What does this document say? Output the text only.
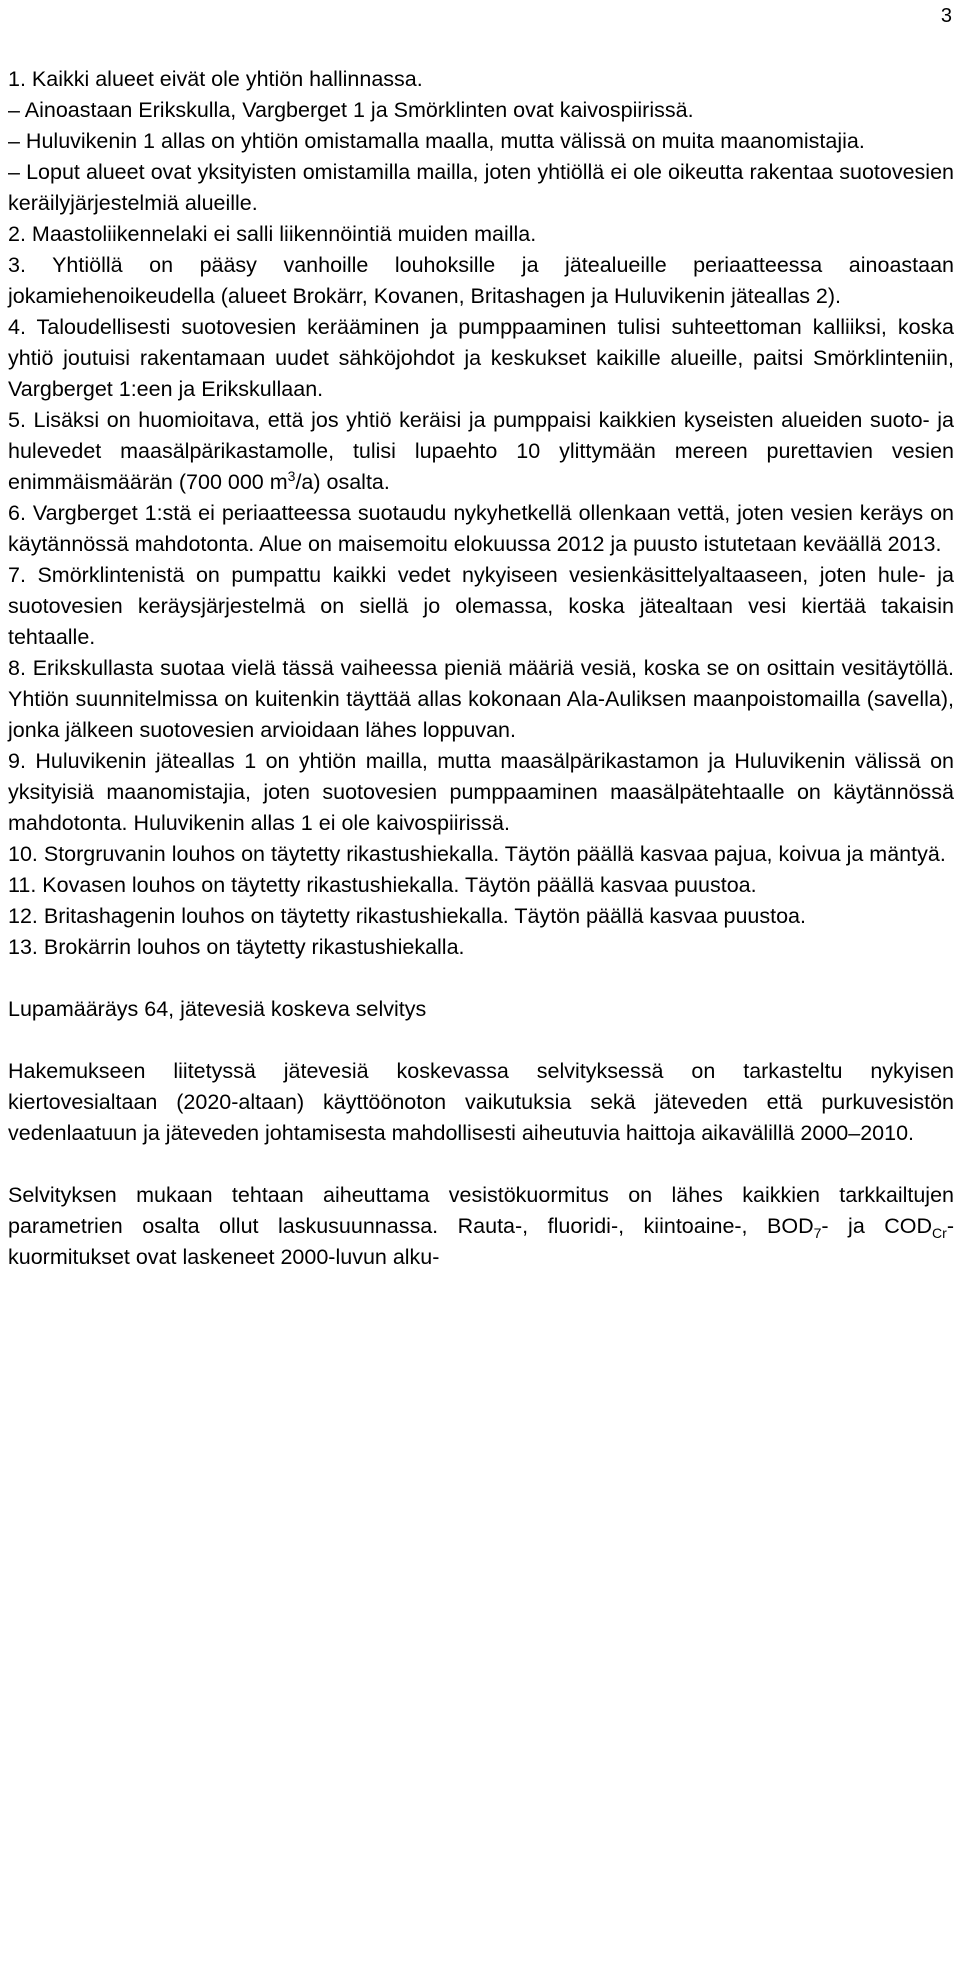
3

1. Kaikki alueet eivät ole yhtiön hallinnassa.

– Ainoastaan Erikskulla, Vargberget 1 ja Smörklinten ovat kaivospiirissä.

– Huluvikenin 1 allas on yhtiön omistamalla maalla, mutta välissä on muita maanomistajia.

– Loput alueet ovat yksityisten omistamilla mailla, joten yhtiöllä ei ole oikeutta rakentaa suotovesien keräilyjärjestelmiä alueille.

2. Maastoliikennelaki ei salli liikennöintiä muiden mailla.

3. Yhtiöllä on pääsy vanhoille louhoksille ja jätealueille periaatteessa ainoastaan jokamiehenoikeudella (alueet Brokärr, Kovanen, Britashagen ja Huluvikenin jäteallas 2).

4. Taloudellisesti suotovesien kerääminen ja pumppaaminen tulisi suhteettoman kalliiksi, koska yhtiö joutuisi rakentamaan uudet sähköjohdot ja keskukset kaikille alueille, paitsi Smörklinteniin, Vargberget 1:een ja Erikskullaan.

5. Lisäksi on huomioitava, että jos yhtiö keräisi ja pumppaisi kaikkien kyseisten alueiden suoto- ja hulevedet maasälpärikastamolle, tulisi lupaehto 10 ylittymään mereen purettavien vesien enimmäismäärän (700 000 $m^3/a$) osalta.

6. Vargberget 1:stä ei periaatteessa suotaudu nykyhetkellä ollenkaan vettä, joten vesien keräys on käytännössä mahdotonta. Alue on maisemoitu elokuussa 2012 ja puusto istutetaan keväällä 2013.

7. Smörklintenistä on pumpattu kaikki vedet nykyiseen vesienkäsittelyaltaaseen, joten hule- ja suotovesien keräysjärjestelmä on siellä jo olemassa, koska jätealtaan vesi kiertää takaisin tehtaalle.

8. Erikskullasta suotaa vielä tässä vaiheessa pieniä määriä vesiä, koska se on osittain vesitäytöllä. Yhtiön suunnitelmissa on kuitenkin täyttää allas kokonaan Ala-Auliksen maanpoistomailla (savella), jonka jälkeen suotovesien arvioidaan lähes loppuvan.

9. Huluvikenin jäteallas 1 on yhtiön mailla, mutta maasälpärikastamon ja Huluvikenin välissä on yksityisiä maanomistajia, joten suotovesien pumppaaminen maasälpätehtaalle on käytännössä mahdotonta. Huluvikenin allas 1 ei ole kaivospiirissä.

10. Storgruvanin louhos on täytetty rikastushiekalla. Täytön päällä kasvaa pajua, koivua ja mäntyä.

11. Kovasen louhos on täytetty rikastushiekalla. Täytön päällä kasvaa puustoa.

12. Britashagenin louhos on täytetty rikastushiekalla. Täytön päällä kasvaa puustoa.

13. Brokärrin louhos on täytetty rikastushiekalla.

Lupamääräys 64, jätevesiä koskeva selvitys

Hakemukseen liitetyssä jätevesiä koskevassa selvityksessä on tarkasteltu nykyisen kiertovesialtaan (2020-altaan) käyttöönoton vaikutuksia sekä jäteveden että purkuvesistön vedenlaatuun ja jäteveden johtamisesta mahdollisesti aiheutuvia haittoja aikavälillä 2000–2010.

Selvityksen mukaan tehtaan aiheuttama vesistökuormitus on lähes kaikkien tarkkailtujen parametrien osalta ollut laskusuunnassa. Rauta-, fluoridi-, kiintoaine-, $BOD_7-$ ja $COD_{Cr}$-kuormitukset ovat laskeneet 2000-luvun alku-
